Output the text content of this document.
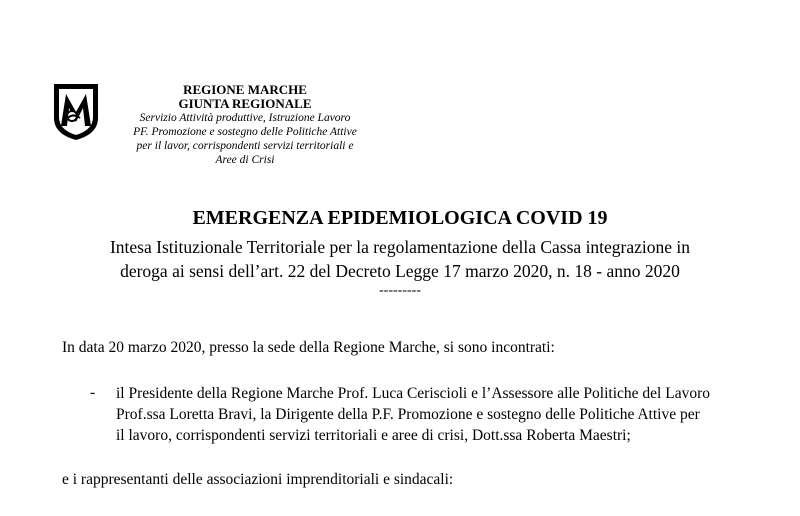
REGIONE MARCHE
GIUNTA REGIONALE
Servizio Attività produttive, Istruzione Lavoro
PF. Promozione e sostegno delle Politiche Attive
per il lavor, corrispondenti servizi territoriali e
Aree di Crisi
EMERGENZA EPIDEMIOLOGICA COVID 19
Intesa Istituzionale Territoriale per la regolamentazione della Cassa integrazione in
deroga ai sensi dell’art. 22 del Decreto Legge 17 marzo 2020, n. 18 - anno 2020
---------
In data 20 marzo 2020, presso la sede della Regione Marche, si sono incontrati:
- il Presidente della Regione Marche Prof. Luca Ceriscioli e l’Assessore alle Politiche del Lavoro
Prof.ssa Loretta Bravi, la Dirigente della P.F. Promozione e sostegno delle Politiche Attive per
il lavoro, corrispondenti servizi territoriali e aree di crisi, Dott.ssa Roberta Maestri;
e i rappresentanti delle associazioni imprenditoriali e sindacali:
